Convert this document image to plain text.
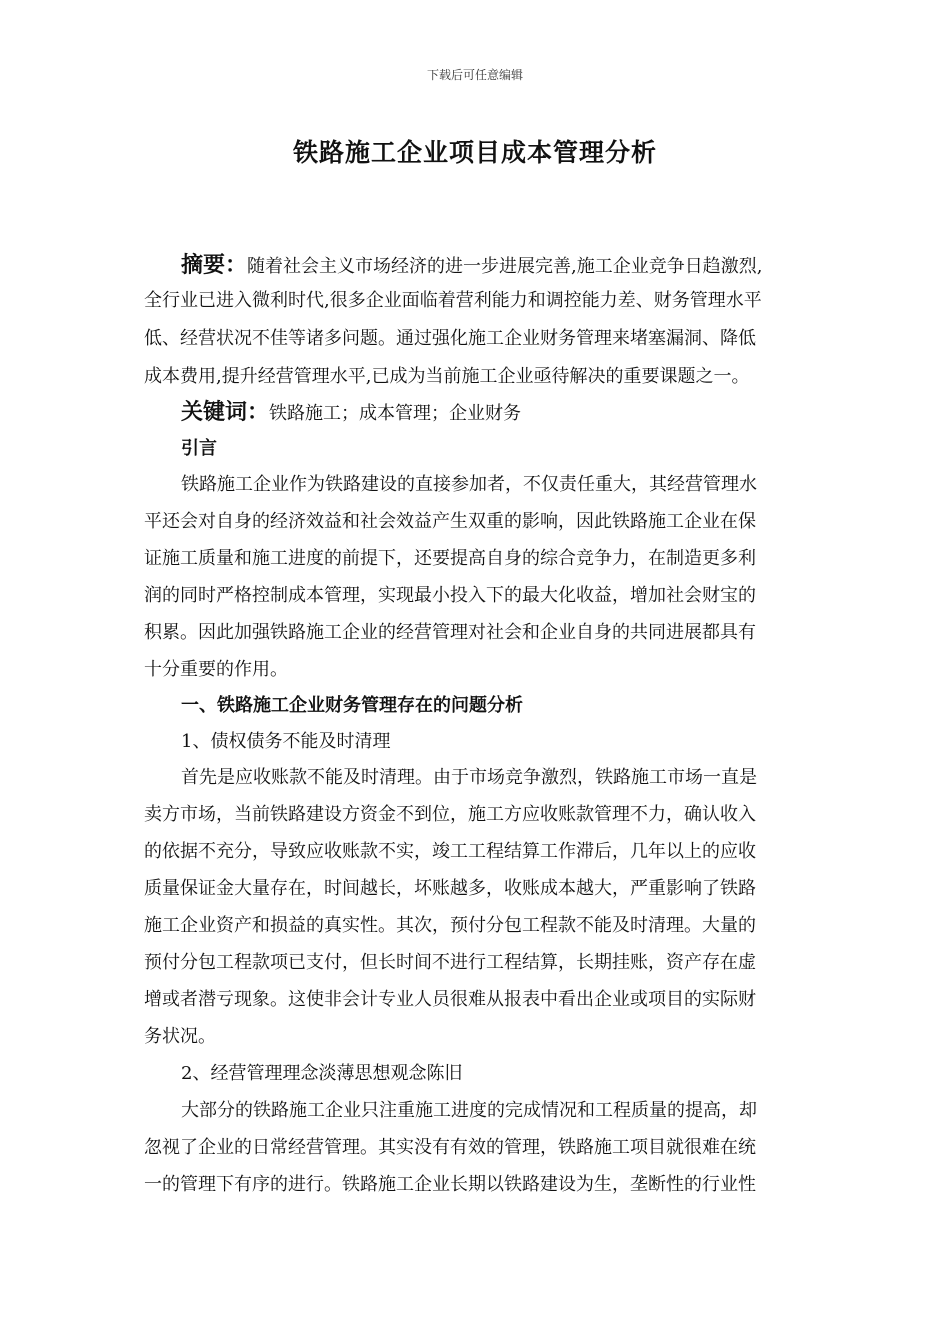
下载后可任意编辑
铁路施工企业项目成本管理分析
摘要：随着社会主义市场经济的进一步进展完善,施工企业竞争日趋激烈,
全行业已进入微利时代,很多企业面临着营利能力和调控能力差、财务管理水平
低、经营状况不佳等诸多问题。通过强化施工企业财务管理来堵塞漏洞、降低
成本费用,提升经营管理水平,已成为当前施工企业亟待解决的重要课题之一。
关键词：铁路施工；成本管理；企业财务
引言
铁路施工企业作为铁路建设的直接参加者，不仅责任重大，其经营管理水
平还会对自身的经济效益和社会效益产生双重的影响，因此铁路施工企业在保
证施工质量和施工进度的前提下，还要提高自身的综合竞争力，在制造更多利
润的同时严格控制成本管理，实现最小投入下的最大化收益，增加社会财宝的
积累。因此加强铁路施工企业的经营管理对社会和企业自身的共同进展都具有
十分重要的作用。
一、铁路施工企业财务管理存在的问题分析
1、债权债务不能及时清理
首先是应收账款不能及时清理。由于市场竞争激烈，铁路施工市场一直是
卖方市场，当前铁路建设方资金不到位，施工方应收账款管理不力，确认收入
的依据不充分，导致应收账款不实，竣工工程结算工作滞后，几年以上的应收
质量保证金大量存在，时间越长，坏账越多，收账成本越大，严重影响了铁路
施工企业资产和损益的真实性。其次，预付分包工程款不能及时清理。大量的
预付分包工程款项已支付，但长时间不进行工程结算，长期挂账，资产存在虚
增或者潜亏现象。这使非会计专业人员很难从报表中看出企业或项目的实际财
务状况。
2、经营管理理念淡薄思想观念陈旧
大部分的铁路施工企业只注重施工进度的完成情况和工程质量的提高，却
忽视了企业的日常经营管理。其实没有有效的管理，铁路施工项目就很难在统
一的管理下有序的进行。铁路施工企业长期以铁路建设为生，垄断性的行业性
